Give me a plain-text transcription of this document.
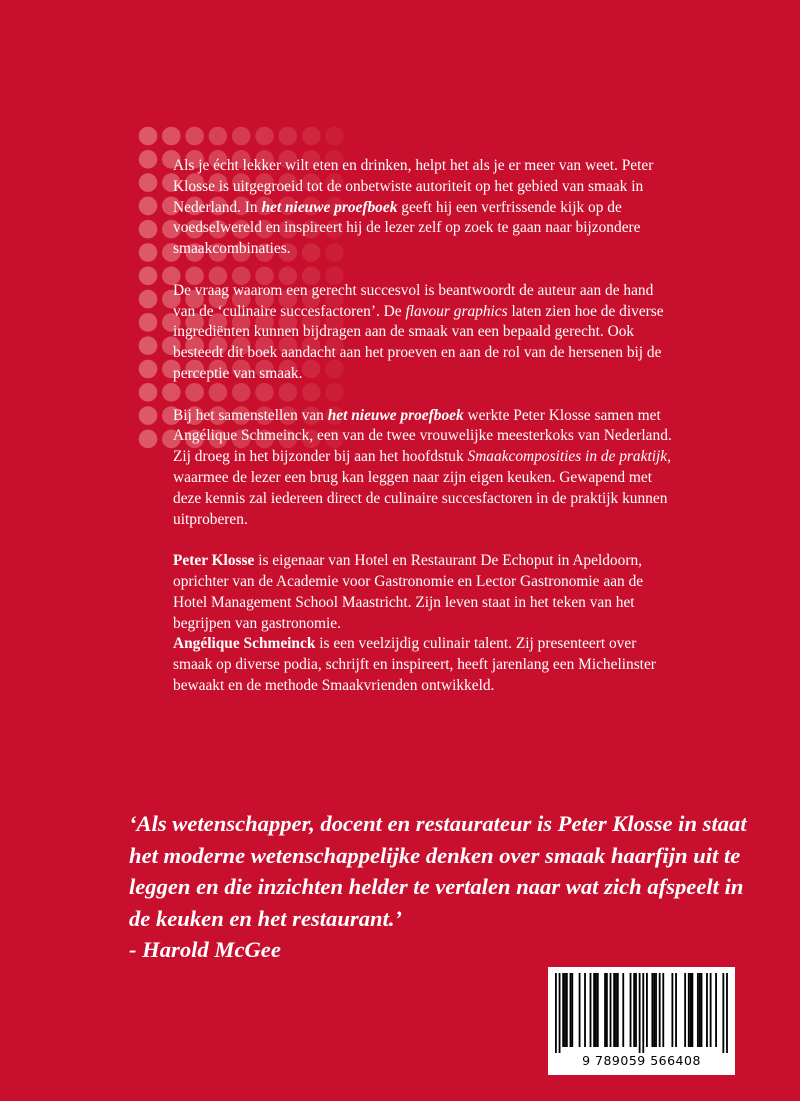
Als je écht lekker wilt eten en drinken, helpt het als je er meer van weet. Peter Klosse is uitgegroeid tot de onbetwiste autoriteit op het gebied van smaak in Nederland. In het nieuwe proefboek geeft hij een verfrissende kijk op de voedselwereld en inspireert hij de lezer zelf op zoek te gaan naar bijzondere smaakcombinaties.

De vraag waarom een gerecht succesvol is beantwoordt de auteur aan de hand van de ‘culinaire succesfactoren’. De flavour graphics laten zien hoe de diverse ingrediënten kunnen bijdragen aan de smaak van een bepaald gerecht. Ook besteedt dit boek aandacht aan het proeven en aan de rol van de hersenen bij de perceptie van smaak.

Bij het samenstellen van het nieuwe proefboek werkte Peter Klosse samen met Angélique Schmeinck, een van de twee vrouwelijke meesterkoks van Nederland. Zij droeg in het bijzonder bij aan het hoofdstuk Smaakcomposities in de praktijk, waarmee de lezer een brug kan leggen naar zijn eigen keuken. Gewapend met deze kennis zal iedereen direct de culinaire succesfactoren in de praktijk kunnen uitproberen.

Peter Klosse is eigenaar van Hotel en Restaurant De Echoput in Apeldoorn, oprichter van de Academie voor Gastronomie en Lector Gastronomie aan de Hotel Management School Maastricht. Zijn leven staat in het teken van het begrijpen van gastronomie.
Angélique Schmeinck is een veelzijdig culinair talent. Zij presenteert over smaak op diverse podia, schrijft en inspireert, heeft jarenlang een Michelinster bewaakt en de methode Smaakvrienden ontwikkeld.

‘Als wetenschapper, docent en restaurateur is Peter Klosse in staat het moderne wetenschappelijke denken over smaak haarfijn uit te leggen en die inzichten helder te vertalen naar wat zich afspeelt in de keuken en het restaurant.’

- Harold McGee

9 789059 566408
